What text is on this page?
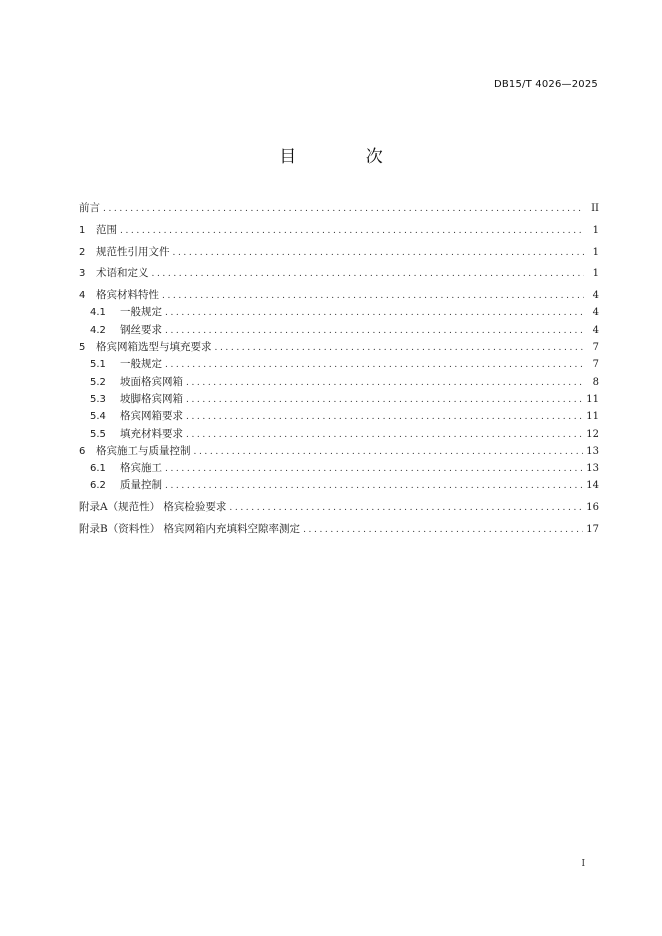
DB15/T 4026—2025
目 次
前言 .....	II
1	范围 .....	1
2	规范性引用文件 .....	1
3	术语和定义 .....	1
4	格宾材料特性 .....	4
4.1	一般规定 .....	4
4.2	钢丝要求 .....	4
5	格宾网箱选型与填充要求 .....	7
5.1	一般规定 .....	7
5.2	坡面格宾网箱 .....	8
5.3	坡脚格宾网箱 .....	11
5.4	格宾网箱要求 .....	11
5.5	填充材料要求 .....	12
6	格宾施工与质量控制 .....	13
6.1	格宾施工 .....	13
6.2	质量控制 .....	14
附录A（规范性） 格宾检验要求 .....	16
附录B（资料性） 格宾网箱内充填料空隙率测定 .....	17
I
